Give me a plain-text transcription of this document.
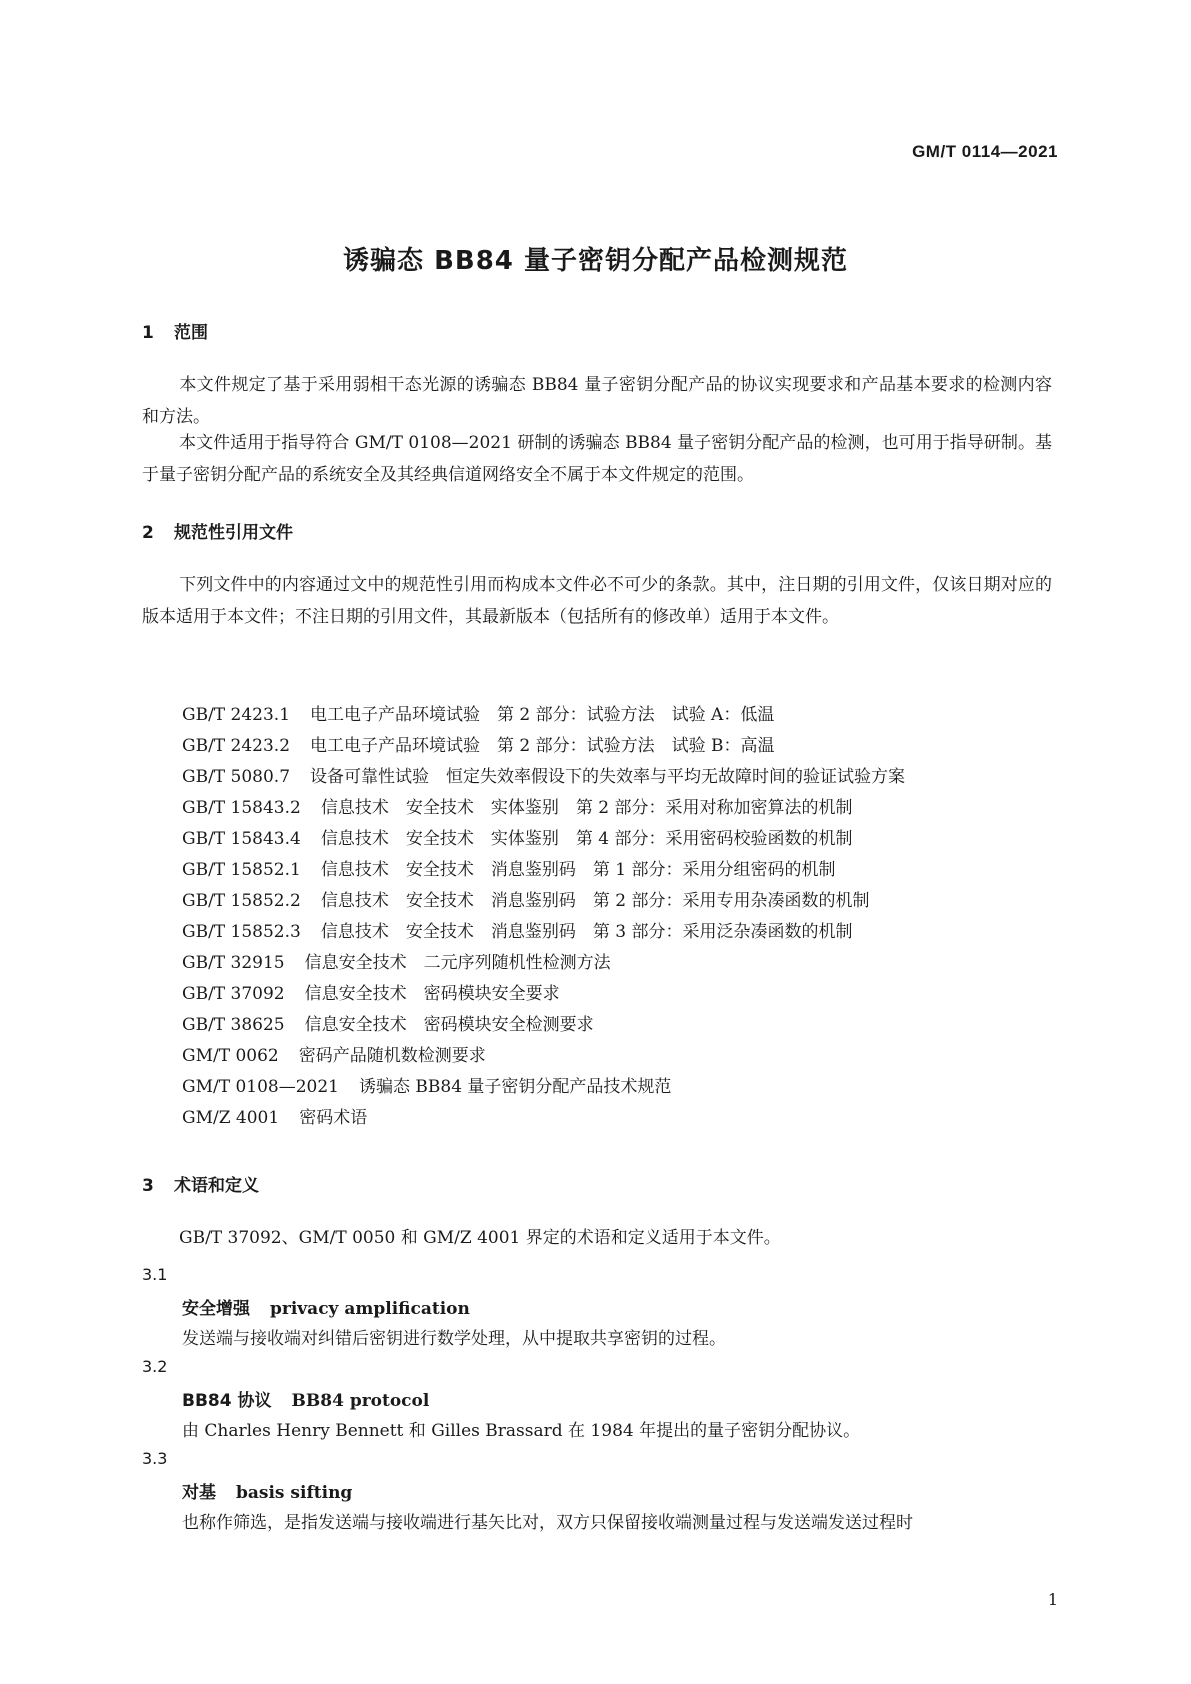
GM/T 0114—2021
诱骗态 BB84 量子密钥分配产品检测规范
1 范围
本文件规定了基于采用弱相干态光源的诱骗态 BB84 量子密钥分配产品的协议实现要求和产品基本要求的检测内容和方法。
本文件适用于指导符合 GM/T 0108—2021 研制的诱骗态 BB84 量子密钥分配产品的检测，也可用于指导研制。基于量子密钥分配产品的系统安全及其经典信道网络安全不属于本文件规定的范围。
2 规范性引用文件
下列文件中的内容通过文中的规范性引用而构成本文件必不可少的条款。其中，注日期的引用文件，仅该日期对应的版本适用于本文件；不注日期的引用文件，其最新版本（包括所有的修改单）适用于本文件。
GB/T 2423.1 电工电子产品环境试验　第 2 部分：试验方法　试验 A：低温
GB/T 2423.2 电工电子产品环境试验　第 2 部分：试验方法　试验 B：高温
GB/T 5080.7 设备可靠性试验　恒定失效率假设下的失效率与平均无故障时间的验证试验方案
GB/T 15843.2 信息技术　安全技术　实体鉴别　第 2 部分：采用对称加密算法的机制
GB/T 15843.4 信息技术　安全技术　实体鉴别　第 4 部分：采用密码校验函数的机制
GB/T 15852.1 信息技术　安全技术　消息鉴别码　第 1 部分：采用分组密码的机制
GB/T 15852.2 信息技术　安全技术　消息鉴别码　第 2 部分：采用专用杂凑函数的机制
GB/T 15852.3 信息技术　安全技术　消息鉴别码　第 3 部分：采用泛杂凑函数的机制
GB/T 32915 信息安全技术　二元序列随机性检测方法
GB/T 37092 信息安全技术　密码模块安全要求
GB/T 38625 信息安全技术　密码模块安全检测要求
GM/T 0062 密码产品随机数检测要求
GM/T 0108—2021 诱骗态 BB84 量子密钥分配产品技术规范
GM/Z 4001 密码术语
3 术语和定义
GB/T 37092、GM/T 0050 和 GM/Z 4001 界定的术语和定义适用于本文件。
3.1
安全增强 privacy amplification
发送端与接收端对纠错后密钥进行数学处理，从中提取共享密钥的过程。
3.2
BB84 协议 BB84 protocol
由 Charles Henry Bennett 和 Gilles Brassard 在 1984 年提出的量子密钥分配协议。
3.3
对基 basis sifting
也称作筛选，是指发送端与接收端进行基矢比对，双方只保留接收端测量过程与发送端发送过程时
1
